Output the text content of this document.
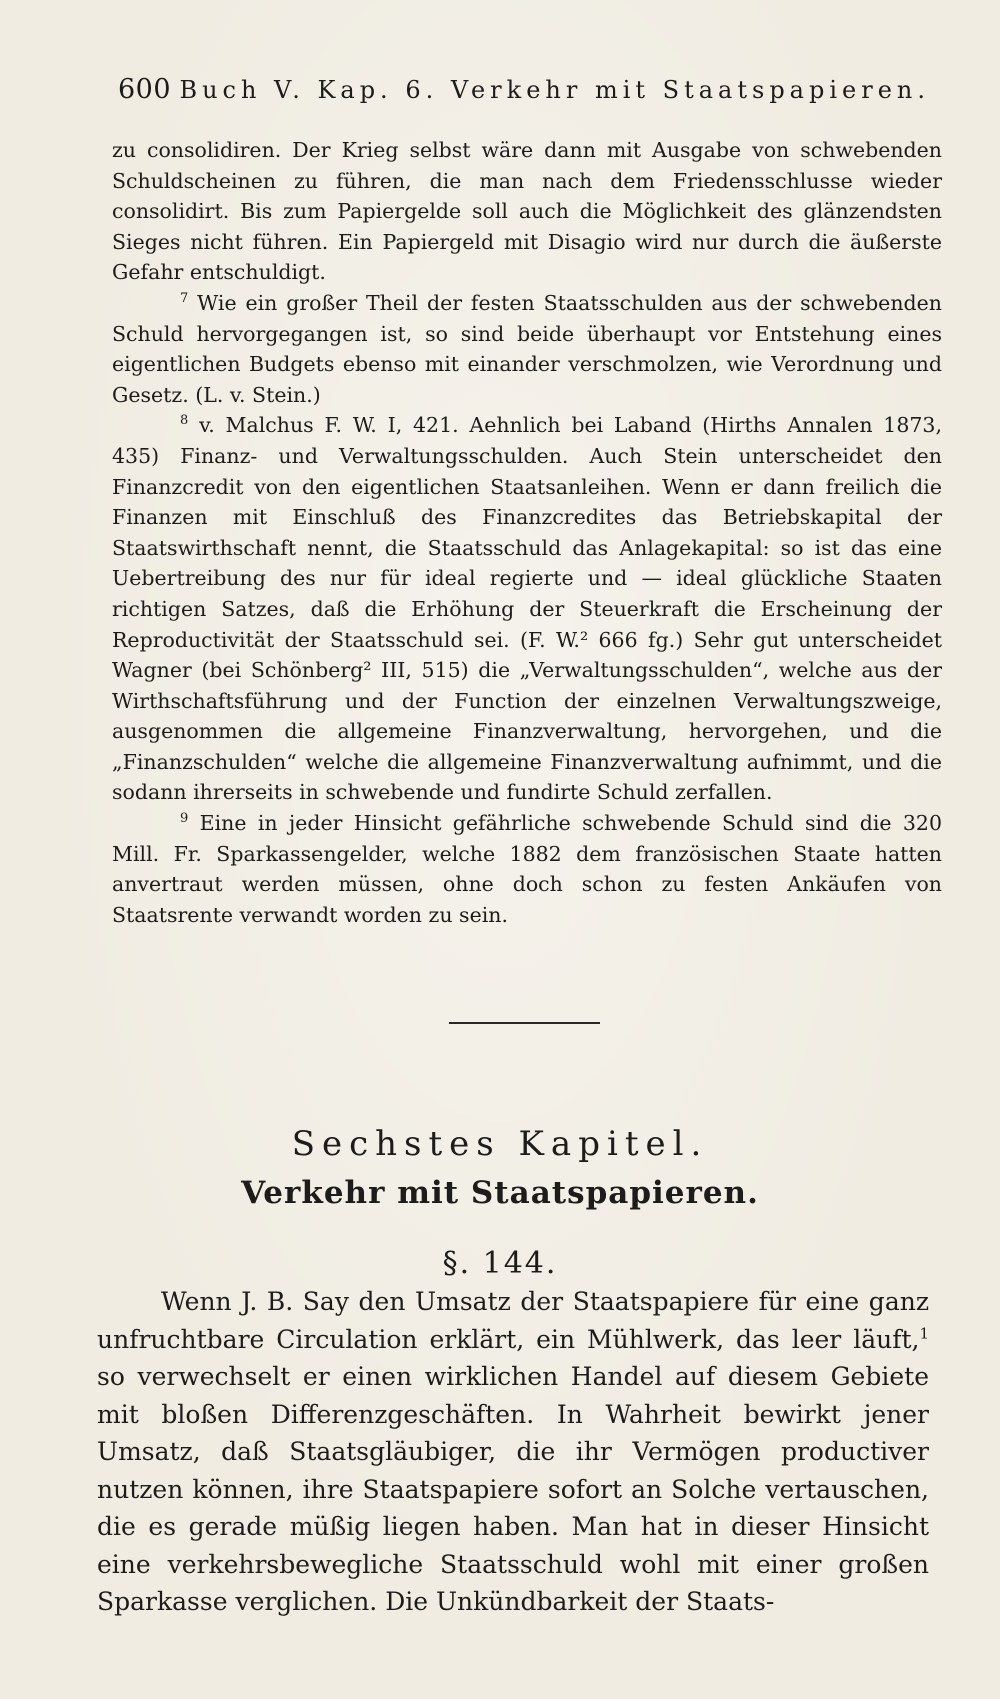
600 Buch V. Kap. 6. Verkehr mit Staatspapieren.

zu consolidiren. Der Krieg selbst wäre dann mit Ausgabe von schwebenden Schuldscheinen zu führen, die man nach dem Friedensschlusse wieder consolidirt. Bis zum Papiergelde soll auch die Möglichkeit des glänzendsten Sieges nicht führen. Ein Papiergeld mit Disagio wird nur durch die äußerste Gefahr entschuldigt.

$^7$ Wie ein großer Theil der festen Staatsschulden aus der schwebenden Schuld hervorgegangen ist, so sind beide überhaupt vor Entstehung eines eigentlichen Budgets ebenso mit einander verschmolzen, wie Verordnung und Gesetz. (L. v. Stein.)

$^8$ v. Malchus F. W. I, 421. Aehnlich bei Laband (Hirths Annalen 1873, 435) Finanz- und Verwaltungsschulden. Auch Stein unterscheidet den Finanzcredit von den eigentlichen Staatsanleihen. Wenn er dann freilich die Finanzen mit Einschluß des Finanzcredites das Betriebskapital der Staatswirthschaft nennt, die Staatsschuld das Anlagekapital: so ist das eine Uebertreibung des nur für ideal regierte und — ideal glückliche Staaten richtigen Satzes, daß die Erhöhung der Steuerkraft die Erscheinung der Reproductivität der Staatsschuld sei. (F. W.² 666 fg.) Sehr gut unterscheidet Wagner (bei Schönberg² III, 515) die „Verwaltungsschulden“, welche aus der Wirthschaftsführung und der Function der einzelnen Verwaltungszweige, ausgenommen die allgemeine Finanzverwaltung, hervorgehen, und die „Finanzschulden“ welche die allgemeine Finanzverwaltung aufnimmt, und die sodann ihrerseits in schwebende und fundirte Schuld zerfallen.

$^9$ Eine in jeder Hinsicht gefährliche schwebende Schuld sind die 320 Mill. Fr. Sparkassengelder, welche 1882 dem französischen Staate hatten anvertraut werden müssen, ohne doch schon zu festen Ankäufen von Staatsrente verwandt worden zu sein.

Sechstes Kapitel.
Verkehr mit Staatspapieren.
§. 144.

Wenn J. B. Say den Umsatz der Staatspapiere für eine ganz unfruchtbare Circulation erklärt, ein Mühlwerk, das leer läuft,$^1$ so verwechselt er einen wirklichen Handel auf diesem Gebiete mit bloßen Differenzgeschäften. In Wahrheit bewirkt jener Umsatz, daß Staatsgläubiger, die ihr Vermögen productiver nutzen können, ihre Staatspapiere sofort an Solche vertauschen, die es gerade müßig liegen haben. Man hat in dieser Hinsicht eine verkehrsbewegliche Staatsschuld wohl mit einer großen Sparkasse verglichen. Die Unkündbarkeit der Staats-
